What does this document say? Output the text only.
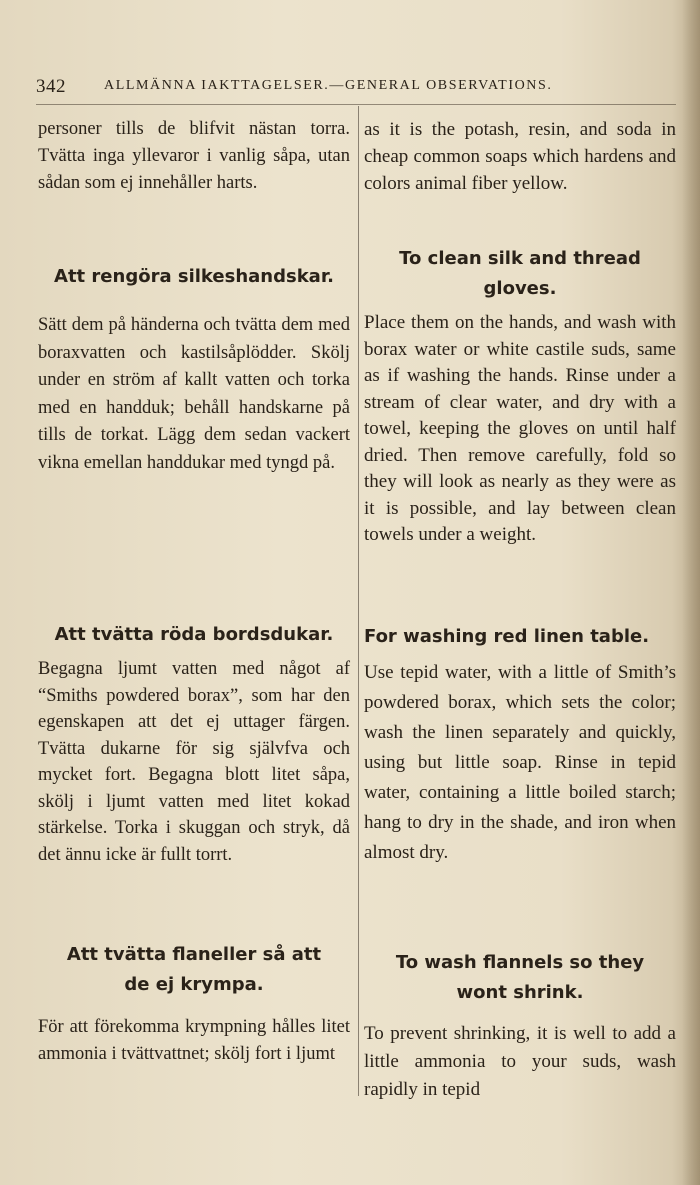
342	ALLMÄNNA IAKTTAGELSER.—GENERAL OBSERVATIONS.
personer tills de blifvit nästan torra. Tvätta inga yllevaror i vanlig såpa, utan sådan som ej innehåller harts.
Att rengöra silkeshandskar.
Sätt dem på händerna och tvätta dem med boraxvatten och kastilsåplödder. Skölj under en ström af kallt vatten och torka med en handduk; behåll handskarne på tills de torkat. Lägg dem sedan vackert vikna emellan handdukar med tyngd på.
Att tvätta röda bordsdukar.
Begagna ljumt vatten med något af “Smiths powdered borax”, som har den egenskapen att det ej uttager färgen. Tvätta dukarne för sig självfva och mycket fort. Begagna blott litet såpa, skölj i ljumt vatten med litet kokad stärkelse. Torka i skuggan och stryk, då det ännu icke är fullt torrt.
Att tvätta flaneller så att de ej krympa.
För att förekomma krympning hålles litet ammonia i tvättvattnet; skölj fort i ljumt
as it is the potash, resin, and soda in cheap common soaps which hardens and colors animal fiber yellow.
To clean silk and thread gloves.
Place them on the hands, and wash with borax water or white castile suds, same as if washing the hands. Rinse under a stream of clear water, and dry with a towel, keeping the gloves on until half dried. Then remove carefully, fold so they will look as nearly as they were as it is possible, and lay between clean towels under a weight.
For washing red linen table.
Use tepid water, with a little of Smith’s powdered borax, which sets the color; wash the linen separately and quickly, using but little soap. Rinse in tepid water, containing a little boiled starch; hang to dry in the shade, and iron when almost dry.
To wash flannels so they wont shrink.
To prevent shrinking, it is well to add a little ammonia to your suds, wash rapidly in tepid
